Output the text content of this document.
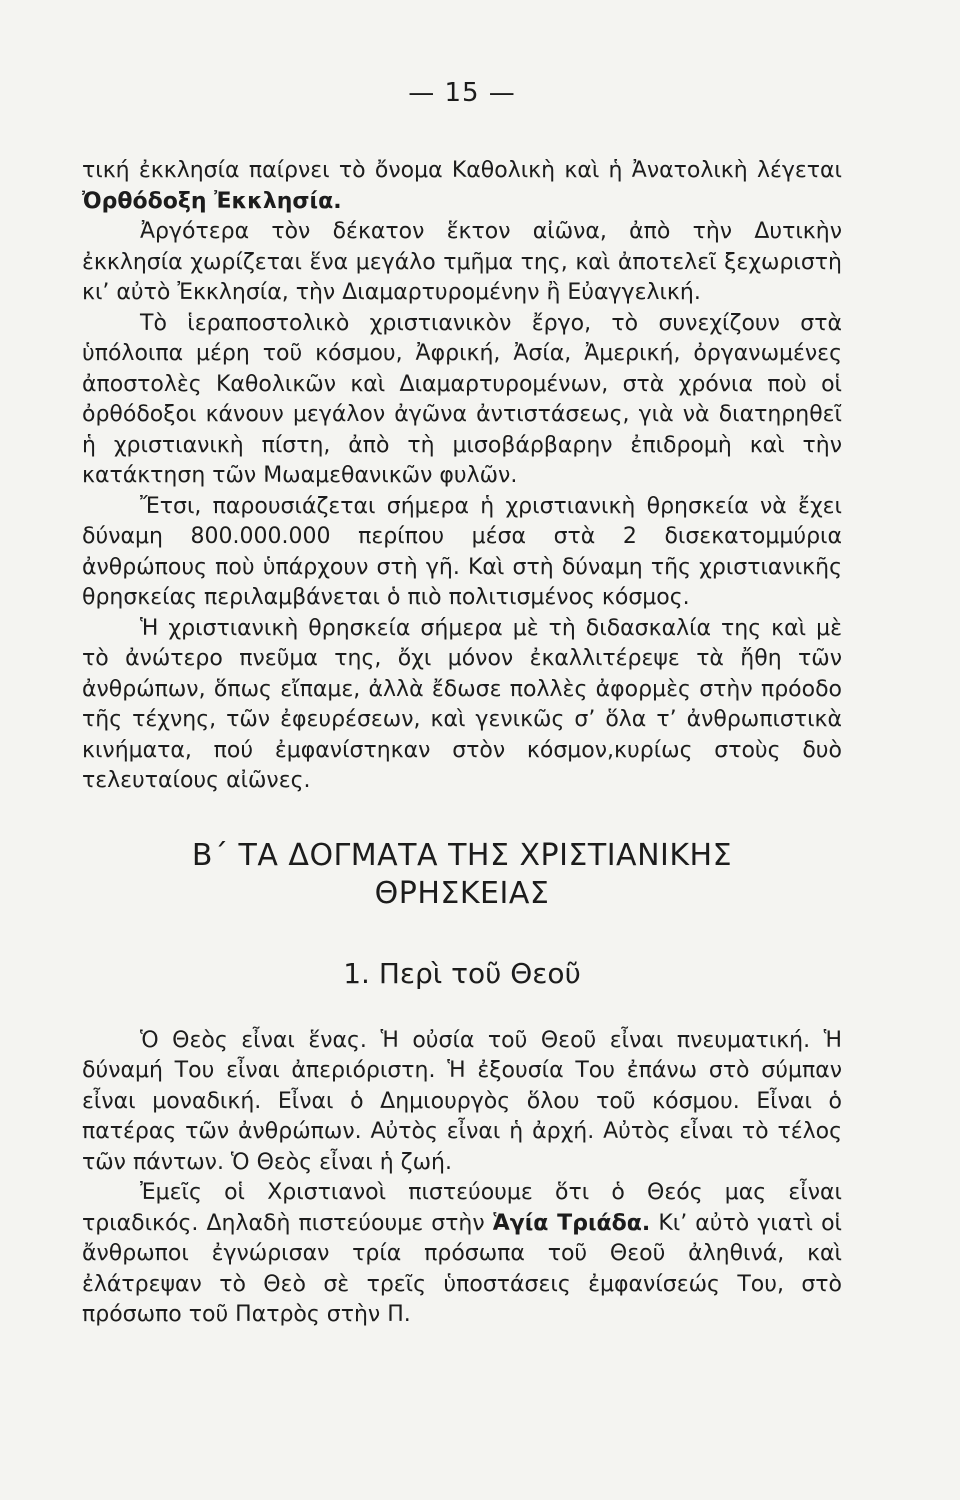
— 15 —

τική ἐκκλησία παίρνει τὸ ὄνομα Καθολικὴ καὶ ἡ Ἀνατολικὴ λέγεται Ὀρθόδοξη Ἐκκλησία.

Ἀργότερα τὸν δέκατον ἕκτον αἰῶνα, ἀπὸ τὴν Δυτικὴν ἐκκλησία χωρίζεται ἕνα μεγάλο τμῆμα της, καὶ ἀποτελεῖ ξεχωριστὴ κι’ αὐτὸ Ἐκκλησία, τὴν Διαμαρτυρομένην ἢ Εὐαγγελική.

Τὸ ἱεραποστολικὸ χριστιανικὸν ἔργο, τὸ συνεχίζουν στὰ ὑπόλοιπα μέρη τοῦ κόσμου, Ἀφρική, Ἀσία, Ἀμερική, ὀργανωμένες ἀποστολὲς Καθολικῶν καὶ Διαμαρτυρομένων, στὰ χρόνια ποὺ οἱ ὀρθόδοξοι κάνουν μεγάλον ἀγῶνα ἀντιστάσεως, γιὰ νὰ διατηρηθεῖ ἡ χριστιανικὴ πίστη, ἀπὸ τὴ μισοβάρβαρην ἐπιδρομὴ καὶ τὴν κατάκτηση τῶν Μωαμεθανικῶν φυλῶν.

Ἔτσι, παρουσιάζεται σήμερα ἡ χριστιανικὴ θρησκεία νὰ ἔχει δύναμη 800.000.000 περίπου μέσα στὰ 2 δισεκατομμύρια ἀνθρώπους ποὺ ὑπάρχουν στὴ γῆ. Καὶ στὴ δύναμη τῆς χριστιανικῆς θρησκείας περιλαμβάνεται ὁ πιὸ πολιτισμένος κόσμος.

Ἡ χριστιανικὴ θρησκεία σήμερα μὲ τὴ διδασκαλία της καὶ μὲ τὸ ἀνώτερο πνεῦμα της, ὄχι μόνον ἐκαλλιτέρεψε τὰ ἤθη τῶν ἀνθρώπων, ὅπως εἴπαμε, ἀλλὰ ἔδωσε πολλὲς ἀφορμὲς στὴν πρόοδο τῆς τέχνης, τῶν ἐφευρέσεων, καὶ γενικῶς σ’ ὅλα τ’ ἀνθρωπιστικὰ κινήματα, πού ἐμφανίστηκαν στὸν κόσμον,κυρίως στοὺς δυὸ τελευταίους αἰῶνες.

Β΄ ΤΑ ΔΟΓΜΑΤΑ ΤΗΣ ΧΡΙΣΤΙΑΝΙΚΗΣ
ΘΡΗΣΚΕΙΑΣ
1. Περὶ τοῦ Θεοῦ

Ὁ Θεὸς εἶναι ἕνας. Ἡ οὐσία τοῦ Θεοῦ εἶναι πνευματική. Ἡ δύναμή Του εἶναι ἀπεριόριστη. Ἡ ἐξουσία Του ἐπάνω στὸ σύμπαν εἶναι μοναδική. Εἶναι ὁ Δημιουργὸς ὅλου τοῦ κόσμου. Εἶναι ὁ πατέρας τῶν ἀνθρώπων. Αὐτὸς εἶναι ἡ ἀρχή. Αὐτὸς εἶναι τὸ τέλος τῶν πάντων. Ὁ Θεὸς εἶναι ἡ ζωή.

Ἐμεῖς οἱ Χριστιανοὶ πιστεύουμε ὅτι ὁ Θεός μας εἶναι τριαδικός. Δηλαδὴ πιστεύουμε στὴν Ἁγία Τριάδα. Κι’ αὐτὸ γιατὶ οἱ ἄνθρωποι ἐγνώρισαν τρία πρόσωπα τοῦ Θεοῦ ἀληθινά, καὶ ἐλάτρεψαν τὸ Θεὸ σὲ τρεῖς ὑποστάσεις ἐμφανίσεώς Του, στὸ πρόσωπο τοῦ Πατρὸς στὴν Π.
